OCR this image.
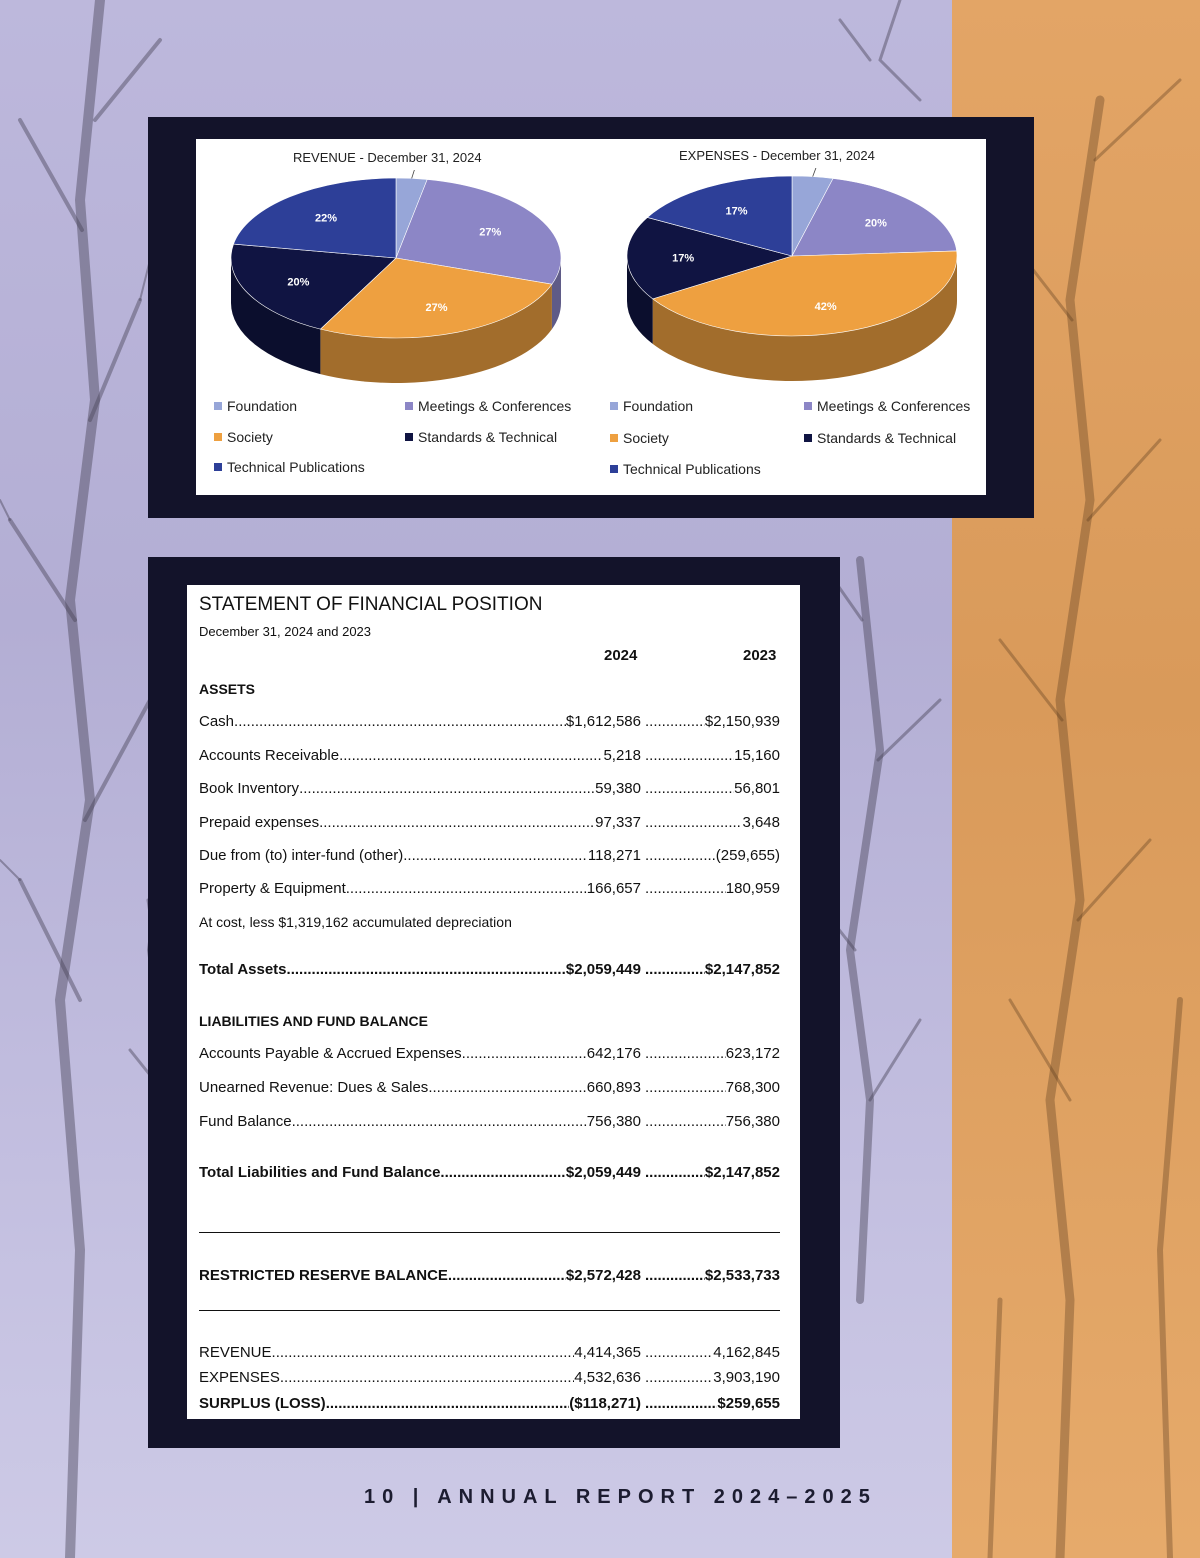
REVENUE - December 31, 2024	EXPENSES - December 31, 2024
27%
27%
20%
22%	20%
42%
17%
17%
Foundation	Meetings & Conferences
Society	Standards & Technical
Technical Publications
Foundation	Meetings & Conferences
Society	Standards & Technical
Technical Publications
STATEMENT OF FINANCIAL POSITION
December 31, 2024 and 2023
2024	2023
ASSETS
Cash .....	$1,612,586 .....	$2,150,939
Accounts Receivable .....	5,218 .....	15,160
Book Inventory .....	59,380 .....	56,801
Prepaid expenses .....	97,337 .....	3,648
Due from (to) inter-fund (other) .....	118,271 .....	(259,655)
Property & Equipment .....	166,657 .....	180,959
At cost, less $1,319,162 accumulated depreciation
Total Assets .....	$2,059,449 .....	$2,147,852
LIABILITIES AND FUND BALANCE
Accounts Payable & Accrued Expenses .....	642,176 .....	623,172
Unearned Revenue: Dues & Sales .....	660,893 .....	768,300
Fund Balance .....	756,380 .....	756,380
Total Liabilities and Fund Balance .....	$2,059,449 .....	$2,147,852
RESTRICTED RESERVE BALANCE .....	$2,572,428 .....	$2,533,733
REVENUE .....	4,414,365 .....	4,162,845
EXPENSES .....	4,532,636 .....	3,903,190
SURPLUS (LOSS) .....	($118,271) .....	$259,655
10 | ANNUAL REPORT 2024–2025
